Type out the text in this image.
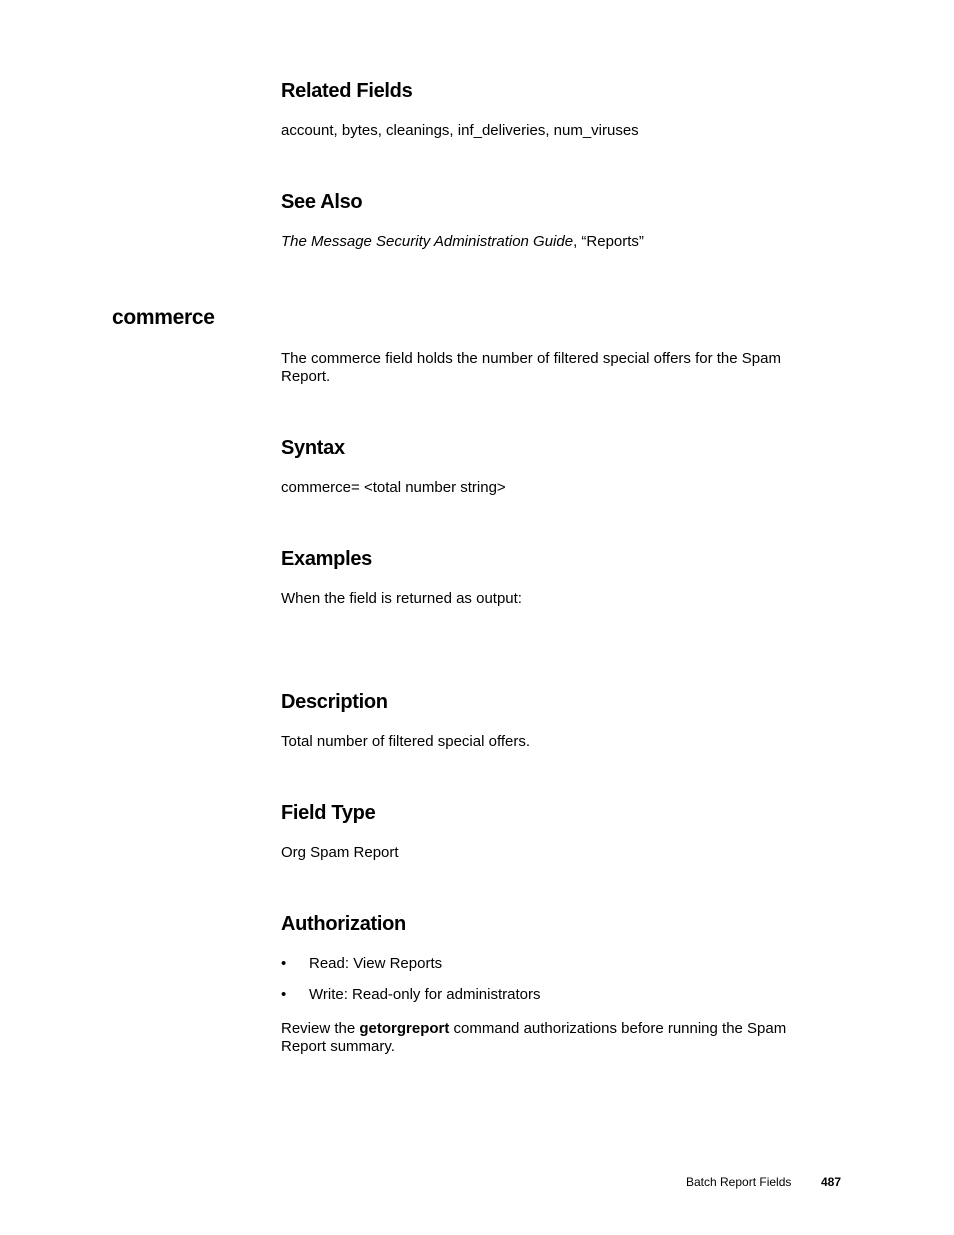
Related Fields

account, bytes, cleanings, inf_deliveries, num_viruses

See Also

The Message Security Administration Guide, “Reports”

commerce

The commerce field holds the number of filtered special offers for the Spam Report.

Syntax

commerce= <total number string>

Examples

When the field is returned as output:

Description

Total number of filtered special offers.

Field Type

Org Spam Report

Authorization
• Read: View Reports
• Write: Read-only for administrators

Review the getorgreport command authorizations before running the Spam Report summary.

Batch Report Fields 487
